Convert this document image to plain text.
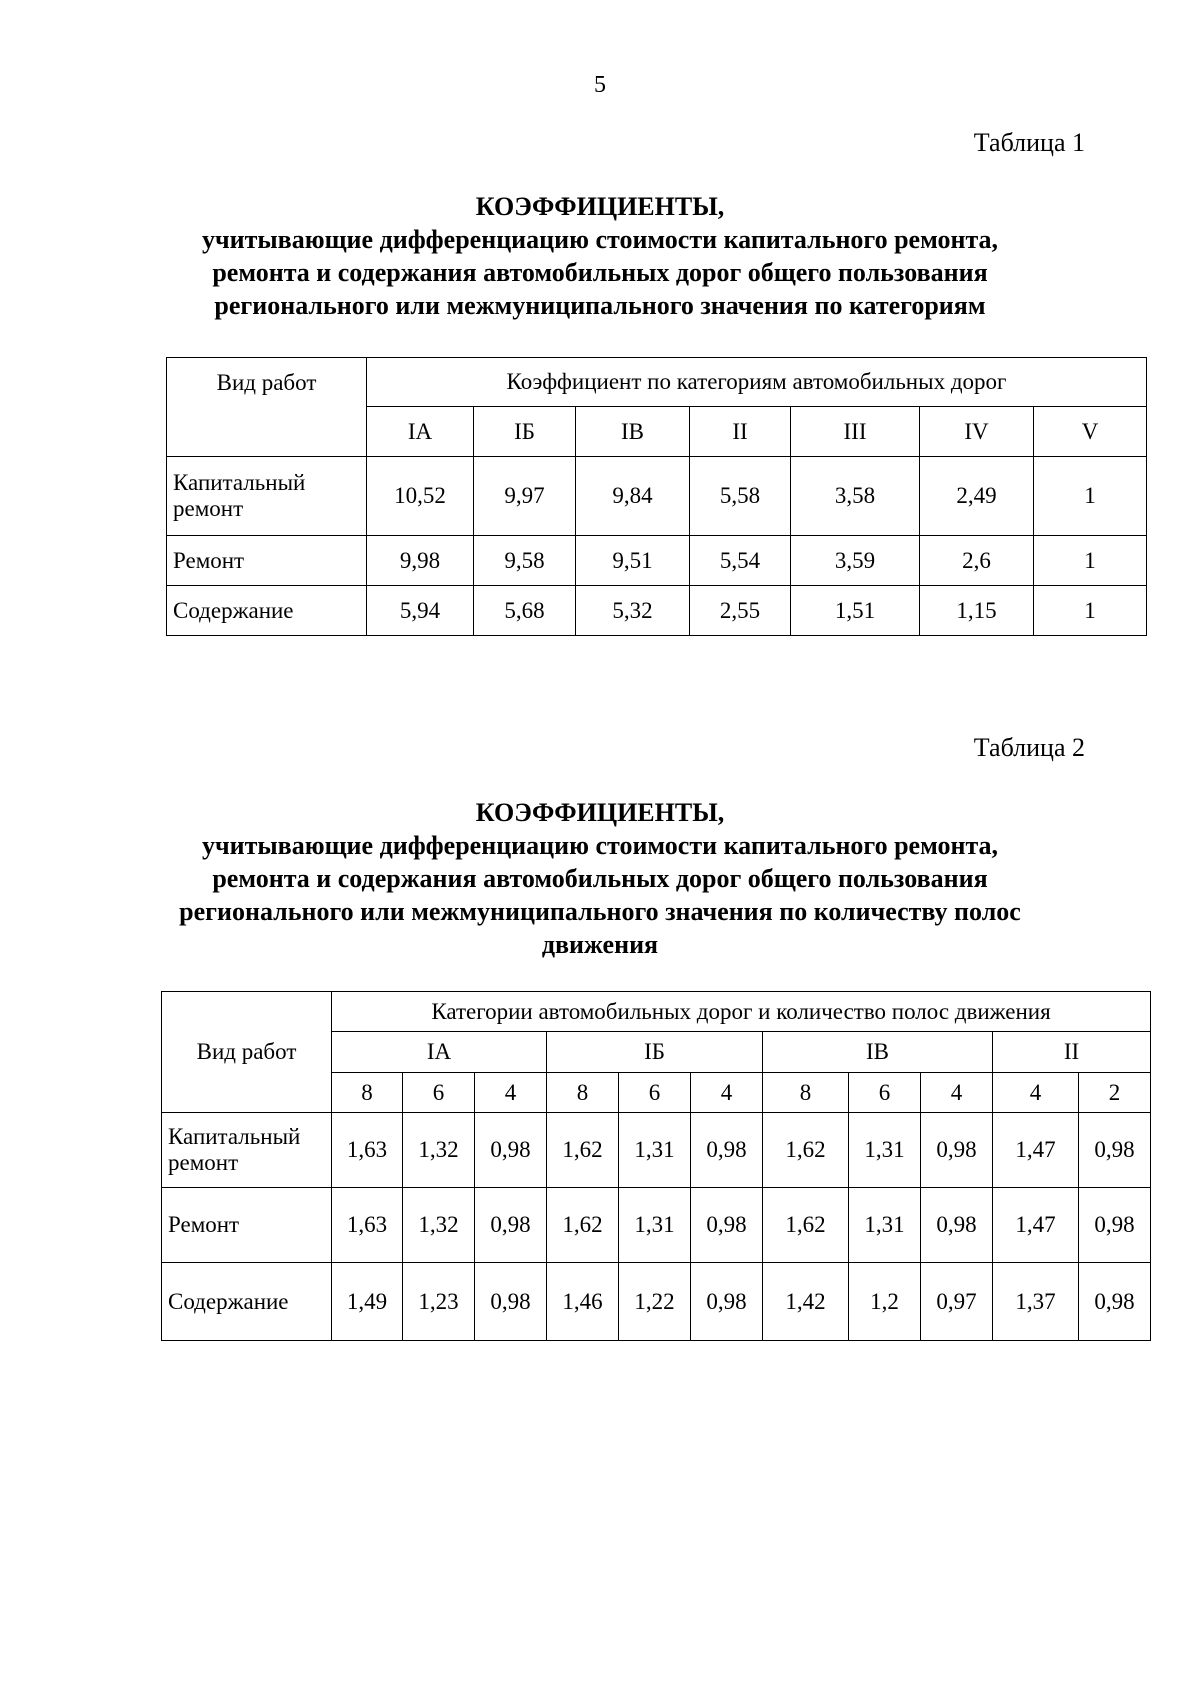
5
Таблица 1
КОЭФФИЦИЕНТЫ,
учитывающие дифференциацию стоимости капитального ремонта,
ремонта и содержания автомобильных дорог общего пользования
регионального или межмуниципального значения по категориям
Вид работ	Коэффициент по категориям автомобильных дорог						
	IА	IБ	IВ	II	III	IV	V
Капитальный ремонт	10,52	9,97	9,84	5,58	3,58	2,49	1
Ремонт	9,98	9,58	9,51	5,54	3,59	2,6	1
Содержание	5,94	5,68	5,32	2,55	1,51	1,15	1
Таблица 2
КОЭФФИЦИЕНТЫ,
учитывающие дифференциацию стоимости капитального ремонта,
ремонта и содержания автомобильных дорог общего пользования
регионального или межмуниципального значения по количеству полос
движения
Вид работ	Категории автомобильных дорог и количество полос движения										
	IА			IБ			IВ			II	
	8	6	4	8	6	4	8	6	4	4	2
Капитальный ремонт	1,63	1,32	0,98	1,62	1,31	0,98	1,62	1,31	0,98	1,47	0,98
Ремонт	1,63	1,32	0,98	1,62	1,31	0,98	1,62	1,31	0,98	1,47	0,98
Содержание	1,49	1,23	0,98	1,46	1,22	0,98	1,42	1,2	0,97	1,37	0,98
